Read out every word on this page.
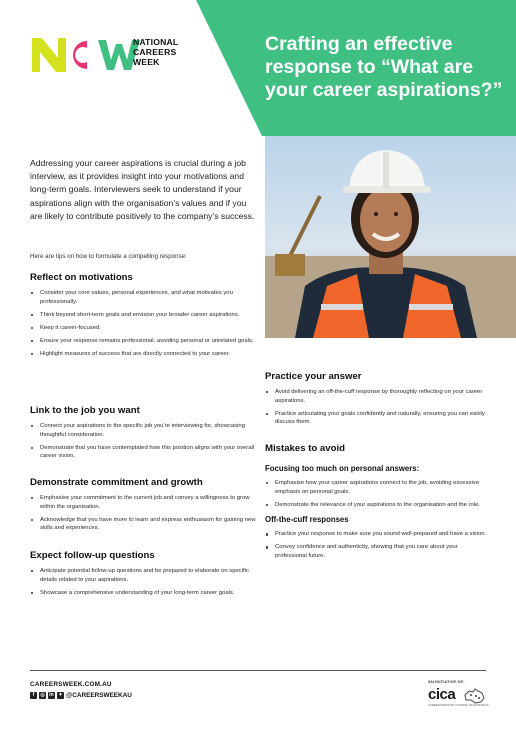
NATIONAL
CAREERS
WEEK
Crafting an effective response to “What are your career aspirations?”
Addressing your career aspirations is crucial during a job interview, as it provides insight into your motivations and long-term goals. Interviewers seek to understand if your aspirations align with the organisation’s values and if you are likely to contribute positively to the company’s success.
Here are tips on how to formulate a compelling response:
Reflect on motivations
Consider your core values, personal experiences, and what motivates you professionally.
Think beyond short-term goals and envision your broader career aspirations.
Keep it career-focused:
Ensure your response remains professional, avoiding personal or unrelated goals.
Highlight measures of success that are directly connected to your career.
Link to the job you want
Connect your aspirations to the specific job you’re interviewing for, showcasing thoughtful consideration.
Demonstrate that you have contemplated how this position aligns with your overall career vision.
Demonstrate commitment and growth
Emphasise your commitment to the current job and convey a willingness to grow within the organisation.
Acknowledge that you have more to learn and express enthusiasm for gaining new skills and experiences.
Expect follow-up questions
Anticipate potential follow-up questions and be prepared to elaborate on specific details related to your aspirations.
Showcase a comprehensive understanding of your long-term career goals.
Practice your answer
Avoid delivering an off-the-cuff response by thoroughly reflecting on your career aspirations.
Practice articulating your goals confidently and naturally, ensuring you can easily discuss them.
Mistakes to avoid
Focusing too much on personal answers:
Emphasise how your career aspirations connect to the job, avoiding excessive emphasis on personal goals.
Demonstrate the relevance of your aspirations to the organisation and the role.
Off-the-cuff responses
Practice your response to make sure you sound well-prepared and have a vision.
Convey confidence and authenticity, showing that you care about your professional future.
CAREERSWEEK.COM.AU
f	◎ in ✦ @CAREERSWEEKAU
AN INITIATIVE OF:
cica
CAREER INDUSTRY COUNCIL OF AUSTRALIA
